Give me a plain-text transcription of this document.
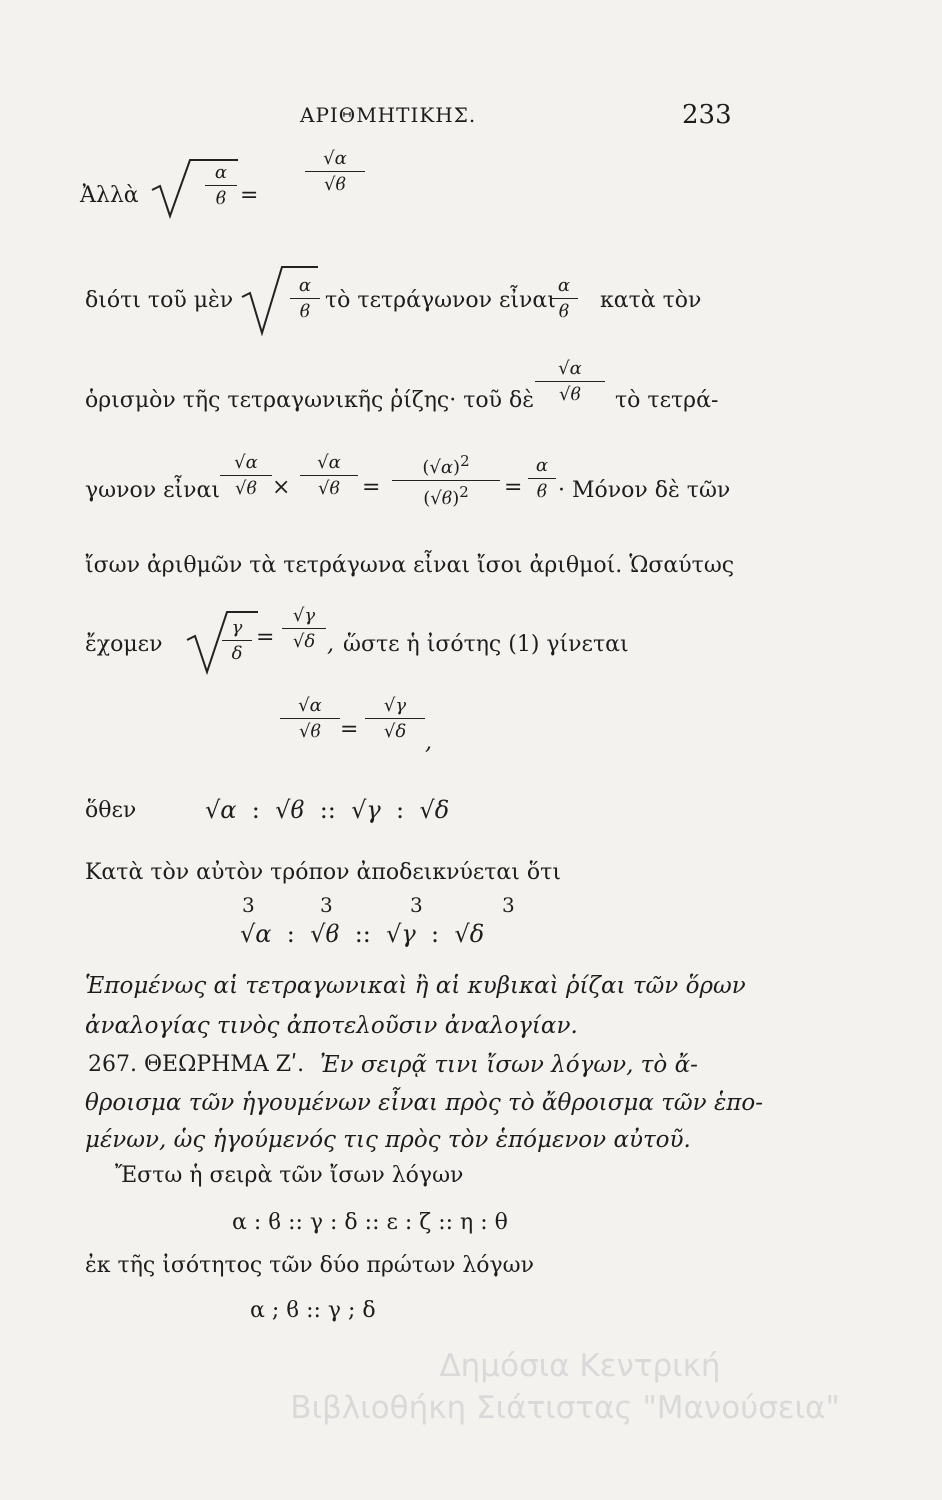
ΑΡΙΘΜΗΤΙΚΗΣ.	233
Ἀλλὰ	$\frac{\alpha}{ϐ}$ =
$\frac{√\alpha}{√ϐ}$
διότι τοῦ μὲν	$\frac{\alpha}{ϐ}$ τὸ τετράγωνον εἶναι
$\frac{\alpha}{ϐ}$ κατὰ τὸν
ὁρισμὸν τῆς τετραγωνικῆς ῥίζης· τοῦ δὲ $\frac{√\alpha}{√ϐ}$ τὸ τετρά-
γωνον εἶναι $\frac{√\alpha}{√ϐ} \times \frac{√\alpha}{√ϐ} = \frac{(√\alpha)^2}{(√ϐ)^2} = \frac{\alpha}{ϐ} \cdot Mό\nu o\nu$ δὲ τῶν
ἴσων ἀριθμῶν τὰ τετράγωνα εἶναι ἴσοι ἀριθμοί. Ὡσαύτως
ἔχομεν	$\frac{\gamma}{\delta} = \frac{√\gamma}{√\delta}$ , ὥστε ἡ ἰσότης (1) γίνεται
$\frac{√\alpha}{√ϐ} = \frac{√\gamma}{√\delta}$
,
ὅθεν	√α : √ϐ :: √γ : √δ
Κατὰ τὸν αὐτὸν τρόπον ἀποδεικνύεται ὅτι
3	3	3	3
√α : √ϐ :: √γ : √δ
Ἑπομένως αἱ τετραγωνικαὶ ἢ αἱ κυβικαὶ ῥίζαι τῶν ὅρων
ἀναλογίας τινὸς ἀποτελοῦσιν ἀναλογίαν.
267. ΘΕΩΡΗΜΑ Ζʹ. Ἐν σειρᾷ τινι ἴσων λόγων, τὸ ἄ-
θροισμα τῶν ἡγουμένων εἶναι πρὸς τὸ ἄθροισμα τῶν ἑπο-
μένων, ὡς ἡγούμενός τις πρὸς τὸν ἑπόμενον αὐτοῦ.
Ἔστω ἡ σειρὰ τῶν ἴσων λόγων
α : ϐ :: γ : δ :: ε : ζ :: η : θ
ἐκ τῆς ἰσότητος τῶν δύο πρώτων λόγων
α ; ϐ :: γ ; δ
Δημόσια Κεντρική
Βιβλιοθήκη Σιάτιστας "Μανούσεια"
